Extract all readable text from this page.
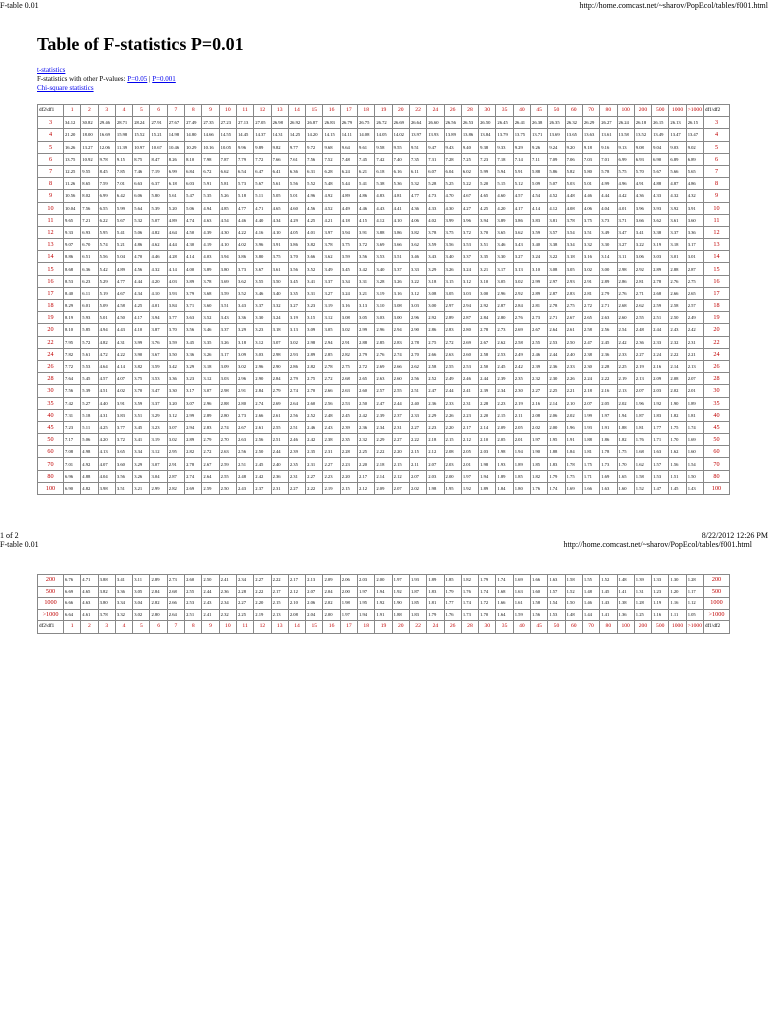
F-table 0.01	http://home.comcast.net/~sharov/PopEcol/tables/f001.html
Table of F-statistics P=0.01
t-statistics
F-statistics with other P-values: P=0.05 | P=0.001
Chi-square statistics
df2\df1	1	2	3	4	5	6	7	8	9	10	11	12	13	14	15	16	17	18	19	20	22	24	26	28	30	35	40	45	50	60	70	80	100	200	500	1000	>1000	df1\df2
3	34.12	30.82	29.46	28.71	28.24	27.91	27.67	27.49	27.35	27.23	27.13	27.05	26.98	26.92	26.87	26.83	26.79	26.75	26.72	26.69	26.64	26.60	26.56	26.53	26.50	26.45	26.41	26.38	26.35	26.32	26.29	26.27	26.24	26.18	26.15	26.13	26.15	3
4	21.20	18.00	16.69	15.98	15.52	15.21	14.98	14.80	14.66	14.55	14.45	14.37	14.31	14.25	14.20	14.15	14.11	14.08	14.05	14.02	13.97	13.93	13.89	13.86	13.84	13.79	13.75	13.71	13.69	13.65	13.63	13.61	13.58	13.52	13.49	13.47	13.47	4
5	16.26	13.27	12.06	11.39	10.97	10.67	10.46	10.29	10.16	10.05	9.96	9.89	9.82	9.77	9.72	9.68	9.64	9.61	9.58	9.55	9.51	9.47	9.43	9.40	9.38	9.33	9.29	9.26	9.24	9.20	9.18	9.16	9.13	9.08	9.04	9.03	9.02	5
6	13.75	10.92	9.78	9.15	8.75	8.47	8.26	8.10	7.98	7.87	7.79	7.72	7.66	7.61	7.56	7.52	7.48	7.45	7.42	7.40	7.35	7.31	7.28	7.25	7.23	7.18	7.14	7.11	7.09	7.06	7.03	7.01	6.99	6.93	6.90	6.89	6.89	6
7	12.25	9.55	8.45	7.85	7.46	7.19	6.99	6.84	6.72	6.62	6.54	6.47	6.41	6.36	6.31	6.28	6.24	6.21	6.18	6.16	6.11	6.07	6.04	6.02	5.99	5.94	5.91	5.88	5.86	5.82	5.80	5.78	5.75	5.70	5.67	5.66	5.65	7
8	11.26	8.65	7.59	7.01	6.63	6.37	6.18	6.03	5.91	5.81	5.73	5.67	5.61	5.56	5.52	5.48	5.44	5.41	5.38	5.36	5.32	5.28	5.25	5.22	5.20	5.15	5.12	5.09	5.07	5.03	5.01	4.99	4.96	4.91	4.88	4.87	4.86	8
9	10.56	8.02	6.99	6.42	6.06	5.80	5.61	5.47	5.35	5.26	5.18	5.11	5.05	5.01	4.96	4.92	4.89	4.86	4.83	4.81	4.77	4.73	4.70	4.67	4.65	4.60	4.57	4.54	4.52	4.48	4.46	4.44	4.42	4.36	4.33	4.32	4.32	9
10	10.04	7.56	6.55	5.99	5.64	5.39	5.20	5.06	4.94	4.85	4.77	4.71	4.65	4.60	4.56	4.52	4.49	4.46	4.43	4.41	4.36	4.33	4.30	4.27	4.25	4.20	4.17	4.14	4.12	4.08	4.06	4.04	4.01	3.96	3.93	3.92	3.91	10
11	9.65	7.21	6.22	5.67	5.32	5.07	4.89	4.74	4.63	4.54	4.46	4.40	4.34	4.29	4.25	4.21	4.18	4.15	4.12	4.10	4.06	4.02	3.99	3.96	3.94	3.89	3.86	3.83	3.81	3.78	3.75	3.73	3.71	3.66	3.62	3.61	3.60	11
12	9.33	6.93	5.95	5.41	5.06	4.82	4.64	4.50	4.39	4.30	4.22	4.16	4.10	4.05	4.01	3.97	3.94	3.91	3.88	3.86	3.82	3.78	3.75	3.72	3.70	3.65	3.62	3.59	3.57	3.54	3.51	3.49	3.47	3.41	3.38	3.37	3.36	12
13	9.07	6.70	5.74	5.21	4.86	4.62	4.44	4.30	4.19	4.10	4.02	3.96	3.91	3.86	3.82	3.78	3.75	3.72	3.69	3.66	3.62	3.59	3.56	3.53	3.51	3.46	3.43	3.40	3.38	3.34	3.32	3.30	3.27	3.22	3.19	3.18	3.17	13
14	8.86	6.51	5.56	5.04	4.70	4.46	4.28	4.14	4.03	3.94	3.86	3.80	3.75	3.70	3.66	3.62	3.59	3.56	3.53	3.51	3.46	3.43	3.40	3.37	3.35	3.30	3.27	3.24	3.22	3.18	3.16	3.14	3.11	3.06	3.03	3.01	3.01	14
15	8.68	6.36	5.42	4.89	4.56	4.32	4.14	4.00	3.89	3.80	3.73	3.67	3.61	3.56	3.52	3.49	3.45	3.42	3.40	3.37	3.33	3.29	3.26	3.24	3.21	3.17	3.13	3.10	3.08	3.05	3.02	3.00	2.98	2.92	2.89	2.88	2.87	15
16	8.53	6.23	5.29	4.77	4.44	4.20	4.03	3.89	3.78	3.69	3.62	3.55	3.50	3.45	3.41	3.37	3.34	3.31	3.28	3.26	3.22	3.18	3.15	3.12	3.10	3.05	3.02	2.99	2.97	2.93	2.91	2.89	2.86	2.81	2.78	2.76	2.75	16
17	8.40	6.11	5.19	4.67	4.34	4.10	3.93	3.79	3.68	3.59	3.52	3.46	3.40	3.35	3.31	3.27	3.24	3.21	3.19	3.16	3.12	3.08	3.05	3.03	3.00	2.96	2.92	2.89	2.87	2.83	2.81	2.79	2.76	2.71	2.68	2.66	2.65	17
18	8.29	6.01	5.09	4.58	4.25	4.01	3.84	3.71	3.60	3.51	3.43	3.37	3.32	3.27	3.23	3.19	3.16	3.13	3.10	3.08	3.03	3.00	2.97	2.94	2.92	2.87	2.84	2.81	2.78	2.75	2.72	2.71	2.68	2.62	2.59	2.58	2.57	18
19	8.19	5.93	5.01	4.50	4.17	3.94	3.77	3.63	3.52	3.43	3.36	3.30	3.24	3.19	3.15	3.12	3.08	3.05	3.03	3.00	2.96	2.92	2.89	2.87	2.84	2.80	2.76	2.73	2.71	2.67	2.65	2.63	2.60	2.55	2.51	2.50	2.49	19
20	8.10	5.85	4.94	4.43	4.10	3.87	3.70	3.56	3.46	3.37	3.29	3.23	3.18	3.13	3.09	3.05	3.02	2.99	2.96	2.94	2.90	2.86	2.83	2.80	2.78	2.73	2.69	2.67	2.64	2.61	2.58	2.56	2.54	2.48	2.44	2.43	2.42	20
22	7.95	5.72	4.82	4.31	3.99	3.76	3.59	3.45	3.35	3.26	3.18	3.12	3.07	3.02	2.98	2.94	2.91	2.88	2.85	2.83	2.78	2.75	2.72	2.69	2.67	2.62	2.58	2.55	2.53	2.50	2.47	2.45	2.42	2.36	2.33	2.32	2.31	22
24	7.82	5.61	4.72	4.22	3.90	3.67	3.50	3.36	3.26	3.17	3.09	3.03	2.98	2.93	2.89	2.85	2.82	2.79	2.76	2.74	2.70	2.66	2.63	2.60	2.58	2.53	2.49	2.46	2.44	2.40	2.38	2.36	2.33	2.27	2.24	2.22	2.21	24
26	7.72	5.53	4.64	4.14	3.82	3.59	3.42	3.29	3.18	3.09	3.02	2.96	2.90	2.86	2.82	2.78	2.75	2.72	2.69	2.66	2.62	2.58	2.55	2.53	2.50	2.45	2.42	2.39	2.36	2.33	2.30	2.28	2.25	2.19	2.16	2.14	2.13	26
28	7.64	5.45	4.57	4.07	3.75	3.53	3.36	3.23	3.12	3.03	2.96	2.90	2.84	2.79	2.75	2.72	2.68	2.65	2.63	2.60	2.56	2.52	2.49	2.46	2.44	2.39	2.35	2.32	2.30	2.26	2.24	2.22	2.19	2.13	2.09	2.08	2.07	28
30	7.56	5.39	4.51	4.02	3.70	3.47	3.30	3.17	3.07	2.98	2.91	2.84	2.79	2.74	2.70	2.66	2.63	2.60	2.57	2.55	2.51	2.47	2.44	2.41	2.39	2.34	2.30	2.27	2.25	2.21	2.18	2.16	2.13	2.07	2.03	2.02	2.01	30
35	7.42	5.27	4.40	3.91	3.59	3.37	3.20	3.07	2.96	2.88	2.80	2.74	2.69	2.64	2.60	2.56	2.53	2.50	2.47	2.44	2.40	2.36	2.33	2.31	2.28	2.23	2.19	2.16	2.14	2.10	2.07	2.05	2.02	1.96	1.92	1.90	1.89	35
40	7.31	5.18	4.31	3.83	3.51	3.29	3.12	2.99	2.89	2.80	2.73	2.66	2.61	2.56	2.52	2.48	2.45	2.42	2.39	2.37	2.33	2.29	2.26	2.23	2.20	2.15	2.11	2.08	2.06	2.02	1.99	1.97	1.94	1.87	1.83	1.82	1.81	40
45	7.23	5.11	4.25	3.77	3.45	3.23	3.07	2.94	2.83	2.74	2.67	2.61	2.55	2.51	2.46	2.43	2.39	2.36	2.34	2.31	2.27	2.23	2.20	2.17	2.14	2.09	2.05	2.02	2.00	1.96	1.93	1.91	1.88	1.81	1.77	1.75	1.74	45
50	7.17	5.06	4.20	3.72	3.41	3.19	3.02	2.89	2.79	2.70	2.63	2.56	2.51	2.46	2.42	2.38	2.35	2.32	2.29	2.27	2.22	2.18	2.15	2.12	2.10	2.05	2.01	1.97	1.95	1.91	1.88	1.86	1.82	1.76	1.71	1.70	1.69	50
60	7.08	4.98	4.13	3.65	3.34	3.12	2.95	2.82	2.72	2.63	2.56	2.50	2.44	2.39	2.35	2.31	2.28	2.25	2.22	2.20	2.15	2.12	2.08	2.05	2.03	1.98	1.94	1.90	1.88	1.84	1.81	1.78	1.75	1.68	1.63	1.62	1.60	60
70	7.01	4.92	4.07	3.60	3.29	3.07	2.91	2.78	2.67	2.59	2.51	2.45	2.40	2.35	2.31	2.27	2.23	2.20	2.18	2.15	2.11	2.07	2.03	2.01	1.98	1.93	1.89	1.85	1.83	1.78	1.75	1.73	1.70	1.62	1.57	1.56	1.54	70
80	6.96	4.88	4.04	3.56	3.26	3.04	2.87	2.74	2.64	2.55	2.48	2.42	2.36	2.31	2.27	2.23	2.20	2.17	2.14	2.12	2.07	2.03	2.00	1.97	1.94	1.89	1.85	1.82	1.79	1.75	1.71	1.69	1.65	1.58	1.53	1.51	1.50	80
100	6.90	4.82	3.98	3.51	3.21	2.99	2.82	2.69	2.59	2.50	2.43	2.37	2.31	2.27	2.22	2.19	2.15	2.12	2.09	2.07	2.02	1.98	1.95	1.92	1.89	1.84	1.80	1.76	1.74	1.69	1.66	1.63	1.60	1.52	1.47	1.45	1.43	100
1 of 2	8/22/2012 12:26 PM
F-table 0.01	http://home.comcast.net/~sharov/PopEcol/tables/f001.html
200	6.76	4.71	3.88	3.41	3.11	2.89	2.73	2.60	2.50	2.41	2.34	2.27	2.22	2.17	2.13	2.09	2.06	2.03	2.00	1.97	1.93	1.89	1.85	1.82	1.79	1.74	1.69	1.66	1.63	1.58	1.55	1.52	1.48	1.39	1.33	1.30	1.28	200
500	6.69	4.65	3.82	3.36	3.05	2.84	2.68	2.55	2.44	2.36	2.28	2.22	2.17	2.12	2.07	2.04	2.00	1.97	1.94	1.92	1.87	1.83	1.79	1.76	1.74	1.68	1.63	1.60	1.57	1.52	1.48	1.45	1.41	1.31	1.23	1.20	1.17	500
1000	6.66	4.63	3.80	3.34	3.04	2.82	2.66	2.53	2.43	2.34	2.27	2.20	2.15	2.10	2.06	2.02	1.98	1.95	1.92	1.90	1.85	1.81	1.77	1.74	1.72	1.66	1.61	1.58	1.54	1.50	1.46	1.43	1.38	1.28	1.19	1.16	1.12	1000
>1000	6.64	4.61	3.78	3.32	3.02	2.80	2.64	2.51	2.41	2.32	2.25	2.19	2.13	2.08	2.04	2.00	1.97	1.94	1.91	1.88	1.83	1.79	1.76	1.73	1.70	1.64	1.59	1.56	1.53	1.48	1.44	1.41	1.36	1.25	1.16	1.11	1.05	>1000
df2\df1	1	2	3	4	5	6	7	8	9	10	11	12	13	14	15	16	17	18	19	20	22	24	26	28	30	35	40	45	50	60	70	80	100	200	500	1000	>1000	df1\df2
